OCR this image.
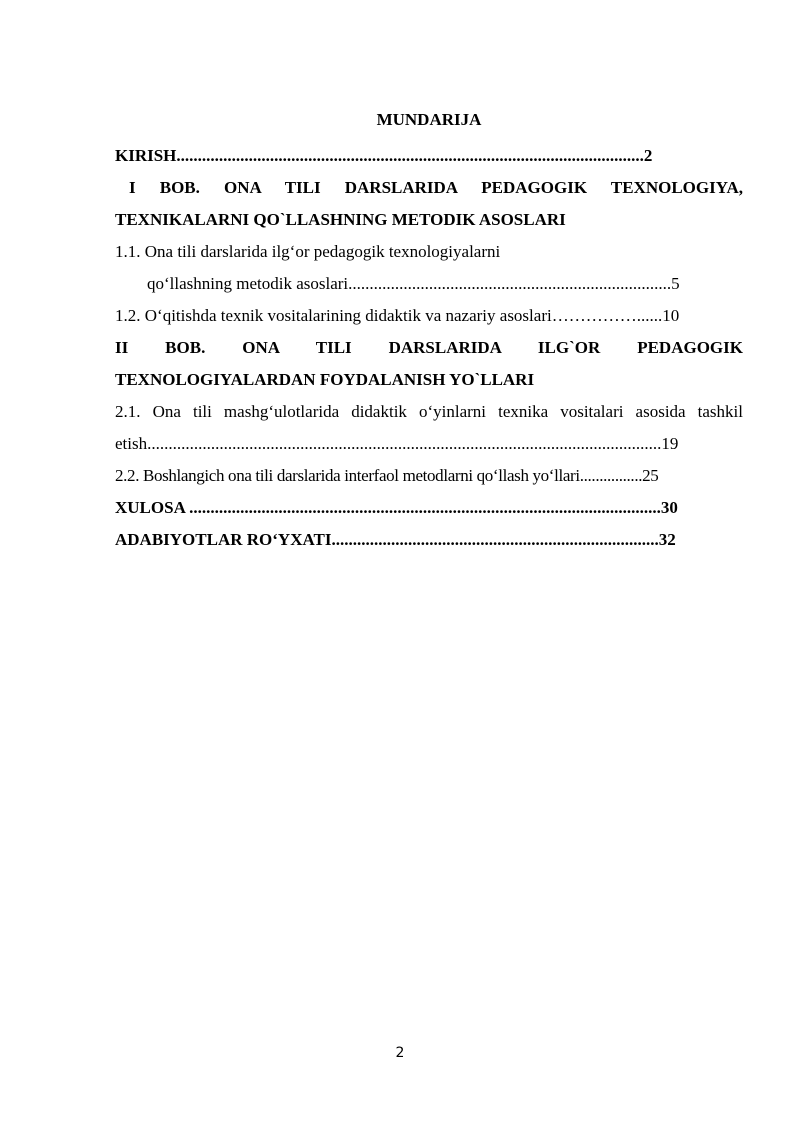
MUNDARIJA
KIRISH..............................................................................................................2
I BOB. ONA TILI DARSLARIDA PEDAGOGIK TEXNOLOGIYA,
TEXNIKALARNI QO`LLASHNING METODIK ASOSLARI
1.1. Ona tili darslarida ilg‘or pedagogik texnologiyalarni
qo‘llashning metodik asoslari............................................................................5
1.2. O‘qitishda texnik vositalarining didaktik va nazariy asoslari……………......10
II BOB. ONA TILI DARSLARIDA ILG`OR PEDAGOGIK
TEXNOLOGIYALARDAN FOYDALANISH YO`LLARI
2.1. Ona tili mashg‘ulotlarida didaktik o‘yinlarni texnika vositalari asosida tashkil
etish.........................................................................................................................19
2.2. Boshlangich ona tili darslarida interfaol metodlarni qo‘llash yo‘llari................25
XULOSA ...............................................................................................................30
ADABIYOTLAR RO‘YXATI.............................................................................32
2
